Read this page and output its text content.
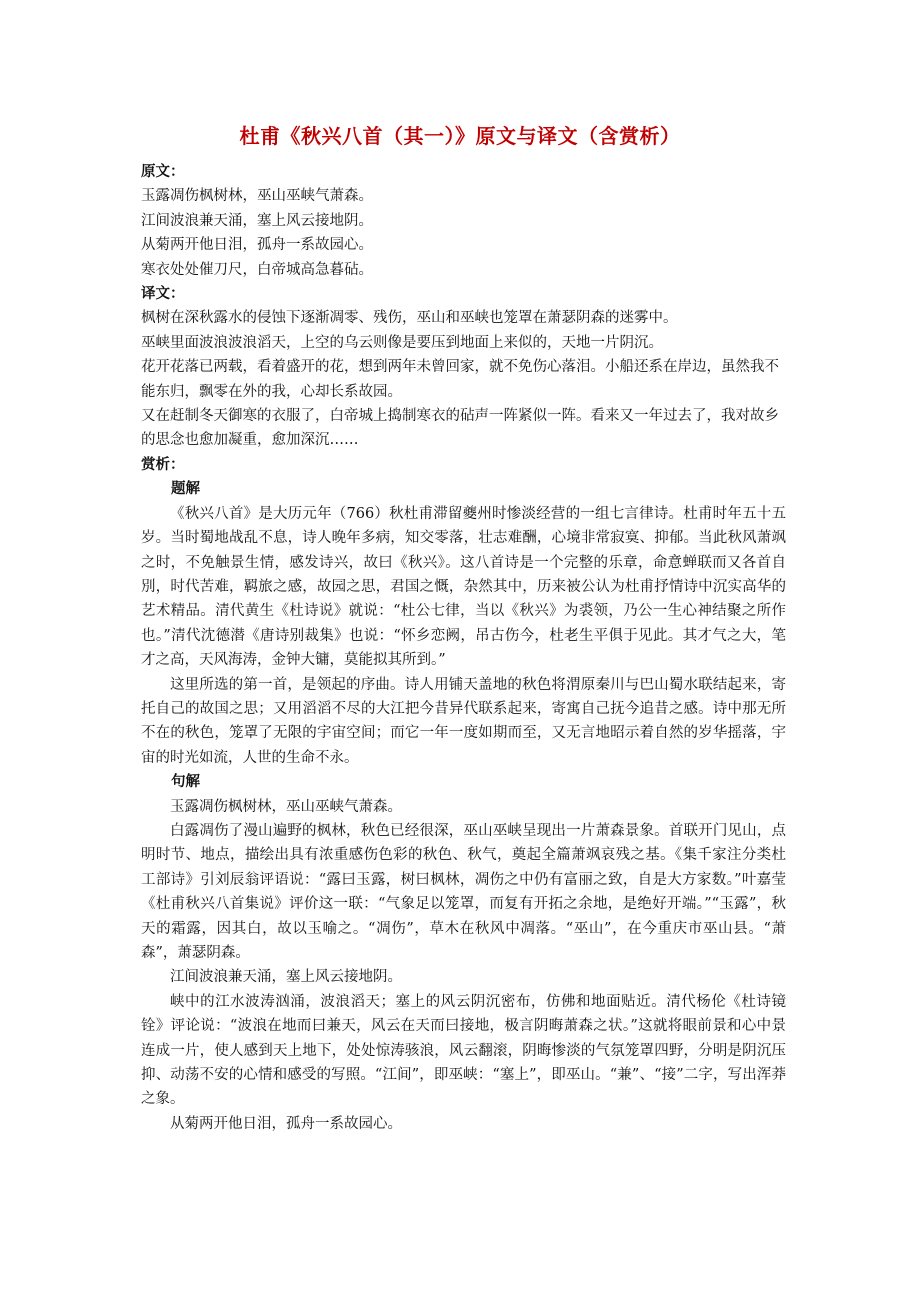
杜甫《秋兴八首（其一）》原文与译文（含赏析）

原文：

玉露凋伤枫树林，巫山巫峡气萧森。

江间波浪兼天涌，塞上风云接地阴。

从菊两开他日泪，孤舟一系故园心。

寒衣处处催刀尺，白帝城高急暮砧。

译文：

枫树在深秋露水的侵蚀下逐渐凋零、残伤，巫山和巫峡也笼罩在萧瑟阴森的迷雾中。

巫峡里面波浪波浪滔天，上空的乌云则像是要压到地面上来似的，天地一片阴沉。

花开花落已两载，看着盛开的花，想到两年未曾回家，就不免伤心落泪。小船还系在岸边，虽然我不能东归，飘零在外的我，心却长系故园。

又在赶制冬天御寒的衣服了，白帝城上捣制寒衣的砧声一阵紧似一阵。看来又一年过去了，我对故乡的思念也愈加凝重，愈加深沉……

赏析：

题解

《秋兴八首》是大历元年（766）秋杜甫滞留夔州时惨淡经营的一组七言律诗。杜甫时年五十五岁。当时蜀地战乱不息，诗人晚年多病，知交零落，壮志难酬，心境非常寂寞、抑郁。当此秋风萧飒之时，不免触景生情，感发诗兴，故曰《秋兴》。这八首诗是一个完整的乐章，命意蝉联而又各首自別，时代苦难，羁旅之感，故园之思，君国之慨，杂然其中，历来被公认为杜甫抒情诗中沉实高华的艺术精品。清代黄生《杜诗说》就说：“杜公七律，当以《秋兴》为裘领，乃公一生心神结聚之所作也。”清代沈德潜《唐诗别裁集》也说：“怀乡恋阙，吊古伤今，杜老生平俱于见此。其才气之大，笔才之高，天风海涛，金钟大镛，莫能拟其所到。”

这里所选的第一首，是领起的序曲。诗人用铺天盖地的秋色将渭原秦川与巴山蜀水联结起来，寄托自己的故国之思；又用滔滔不尽的大江把今昔异代联系起来，寄寓自己抚今追昔之感。诗中那无所不在的秋色，笼罩了无限的宇宙空间；而它一年一度如期而至，又无言地昭示着自然的岁华摇落，宇宙的时光如流，人世的生命不永。

句解

玉露凋伤枫树林，巫山巫峡气萧森。

白露凋伤了漫山遍野的枫林，秋色已经很深，巫山巫峡呈现出一片萧森景象。首联开门见山，点明时节、地点，描绘出具有浓重感伤色彩的秋色、秋气，奠起全篇萧飒哀残之基。《集千家注分类杜工部诗》引刘辰翁评语说：“露曰玉露，树曰枫林，凋伤之中仍有富丽之致，自是大方家数。”叶嘉莹《杜甫秋兴八首集说》评价这一联：“气象足以笼罩，而复有开拓之余地，是绝好开端。”“玉露”，秋天的霜露，因其白，故以玉喻之。“凋伤”，草木在秋风中凋落。“巫山”，在今重庆市巫山县。“萧森”，萧瑟阴森。

江间波浪兼天涌，塞上风云接地阴。

峡中的江水波涛汹涌，波浪滔天；塞上的风云阴沉密布，仿佛和地面贴近。清代杨伦《杜诗镜铨》评论说：“波浪在地而曰兼天，风云在天而曰接地，极言阴晦萧森之状。”这就将眼前景和心中景连成一片，使人感到天上地下，处处惊涛骇浪，风云翻滚，阴晦惨淡的气氛笼罩四野，分明是阴沉压抑、动荡不安的心情和感受的写照。“江间”，即巫峡：“塞上”，即巫山。“兼”、“接”二字，写出浑莽之象。

从菊两开他日泪，孤舟一系故园心。
